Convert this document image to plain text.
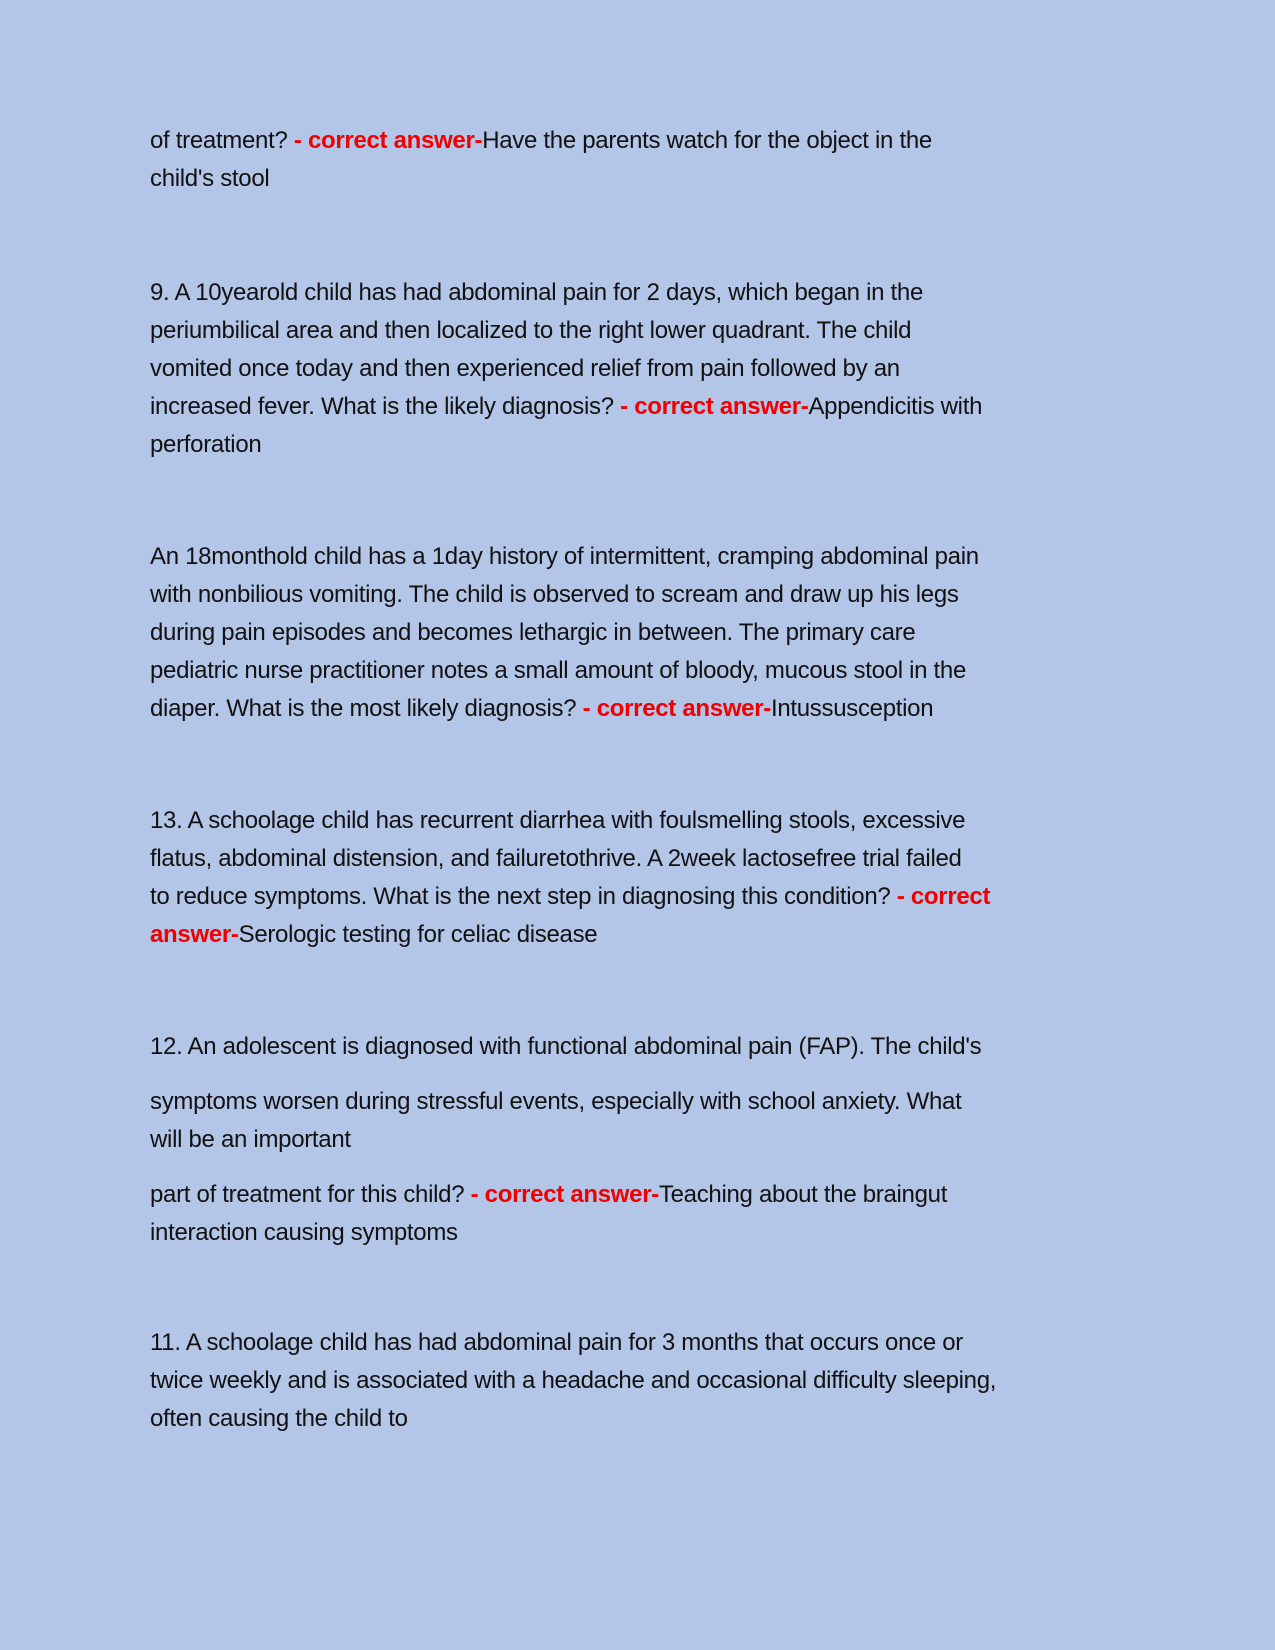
of treatment? - correct answer-Have the parents watch for the object in the
child's stool
9. A 10yearold child has had abdominal pain for 2 days, which began in the
periumbilical area and then localized to the right lower quadrant. The child
vomited once today and then experienced relief from pain followed by an
increased fever. What is the likely diagnosis? - correct answer-Appendicitis with
perforation
An 18monthold child has a 1day history of intermittent, cramping abdominal pain
with nonbilious vomiting. The child is observed to scream and draw up his legs
during pain episodes and becomes lethargic in between. The primary care
pediatric nurse practitioner notes a small amount of bloody, mucous stool in the
diaper. What is the most likely diagnosis? - correct answer-Intussusception
13. A schoolage child has recurrent diarrhea with foulsmelling stools, excessive
flatus, abdominal distension, and failuretothrive. A 2week lactosefree trial failed
to reduce symptoms. What is the next step in diagnosing this condition? - correct
answer-Serologic testing for celiac disease
12. An adolescent is diagnosed with functional abdominal pain (FAP). The child's
symptoms worsen during stressful events, especially with school anxiety. What
will be an important
part of treatment for this child? - correct answer-Teaching about the braingut
interaction causing symptoms
11. A schoolage child has had abdominal pain for 3 months that occurs once or
twice weekly and is associated with a headache and occasional difficulty sleeping,
often causing the child to
